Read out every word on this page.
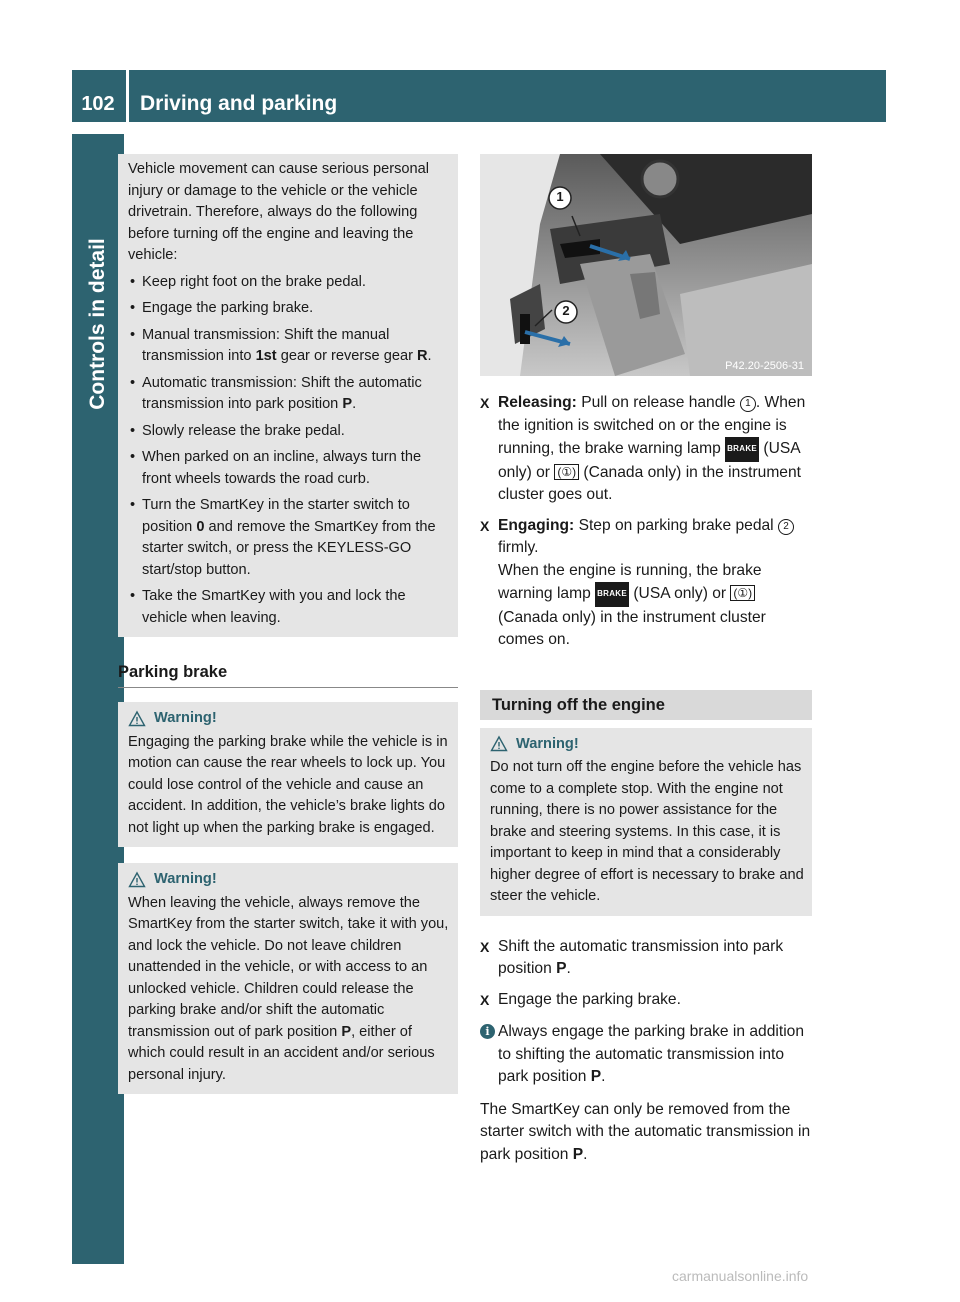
102	Driving and parking
Controls in detail

Vehicle movement can cause serious personal injury or damage to the vehicle or the vehicle drivetrain. Therefore, always do the following before turning off the engine and leaving the vehicle:

• Keep right foot on the brake pedal.
• Engage the parking brake.
• Manual transmission: Shift the manual transmission into 1st gear or reverse gear R.
• Automatic transmission: Shift the automatic transmission into park position P.
• Slowly release the brake pedal.
• When parked on an incline, always turn the front wheels towards the road curb.
• Turn the SmartKey in the starter switch to position 0 and remove the SmartKey from the starter switch, or press the KEYLESS-GO start/stop button.
• Take the SmartKey with you and lock the vehicle when leaving.
Parking brake
Warning!

Engaging the parking brake while the vehicle is in motion can cause the rear wheels to lock up. You could lose control of the vehicle and cause an accident. In addition, the vehicle’s brake lights do not light up when the parking brake is engaged.

Warning!

When leaving the vehicle, always remove the SmartKey from the starter switch, take it with you, and lock the vehicle. Do not leave children unattended in the vehicle, or with access to an unlocked vehicle. Children could release the parking brake and/or shift the automatic transmission out of park position P, either of which could result in an accident and/or serious personal injury.

1
2
P42.20-2506-31
X Releasing: Pull on release handle 1 . When the ignition is switched on or the engine is running, the brake warning lamp BRAKE (USA only) or (①) (Canada only) in the instrument cluster goes out.
X Engaging: Step on parking brake pedal 2 firmly.
When the engine is running, the brake warning lamp BRAKE (USA only) or (①) (Canada only) in the instrument cluster comes on.
Turning off the engine
Warning!

Do not turn off the engine before the vehicle has come to a complete stop. With the engine not running, there is no power assistance for the brake and steering systems. In this case, it is important to keep in mind that a considerably higher degree of effort is necessary to brake and steer the vehicle.

X Shift the automatic transmission into park position P.
X Engage the parking brake.
i Always engage the parking brake in addition to shifting the automatic transmission into park position P.
The SmartKey can only be removed from the starter switch with the automatic transmission in park position P.
carmanualsonline.info
